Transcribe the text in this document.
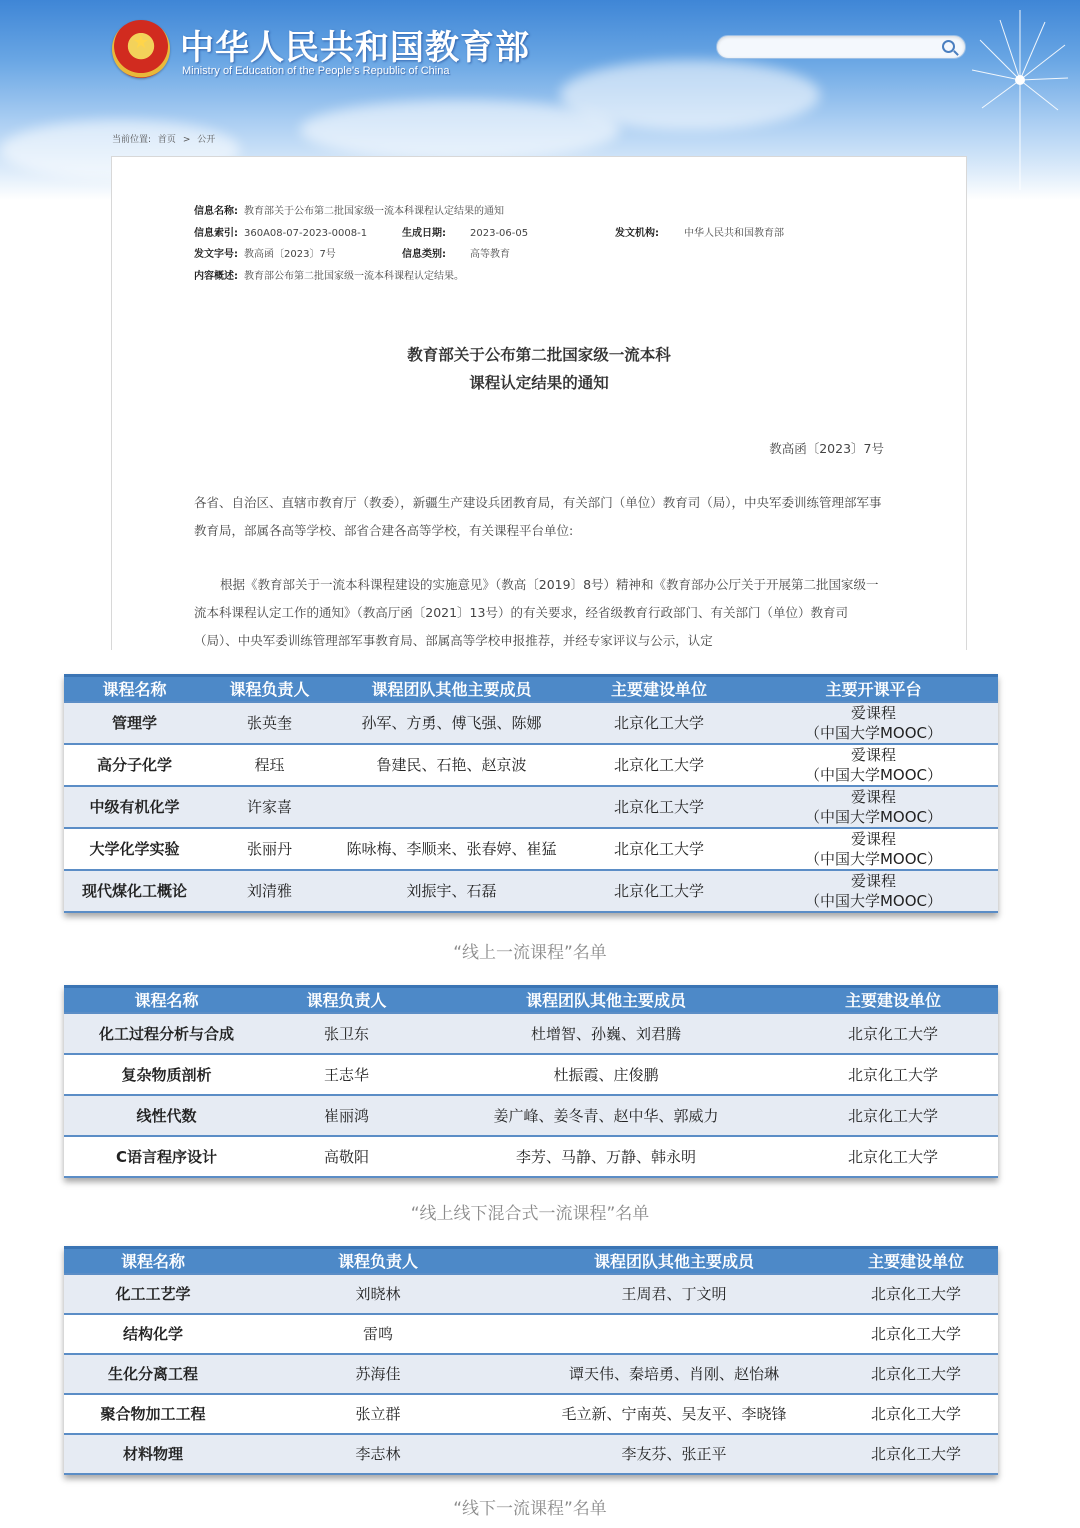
★
中华人民共和国教育部
Ministry of Education of the People's Republic of China
当前位置: 首页 > 公开
信息名称: 教育部关于公布第二批国家级一流本科课程认定结果的通知
信息索引: 360A08-07-2023-0008-1	生成日期: 2023-06-05	发文机构:	中华人民共和国教育部
发文字号: 教高函〔2023〕7号	信息类别: 高等教育
内容概述: 教育部公布第二批国家级一流本科课程认定结果。
教育部关于公布第二批国家级一流本科
课程认定结果的通知
教高函〔2023〕7号
各省、自治区、直辖市教育厅（教委），新疆生产建设兵团教育局，有关部门（单位）教育司（局），中央军委训练管理部军事教育局，部属各高等学校、部省合建各高等学校，有关课程平台单位:
根据《教育部关于一流本科课程建设的实施意见》（教高〔2019〕8号）精神和《教育部办公厅关于开展第二批国家级一流本科课程认定工作的通知》（教高厅函〔2021〕13号）的有关要求，经省级教育行政部门、有关部门（单位）教育司（局）、中央军委训练管理部军事教育局、部属高等学校申报推荐，并经专家评议与公示，认定
课程名称	课程负责人	课程团队其他主要成员	主要建设单位	主要开课平台
管理学	张英奎	孙军、方勇、傅飞强、陈娜	北京化工大学	爱课程
（中国大学MOOC）

高分子化学	程珏	鲁建民、石艳、赵京波	北京化工大学	爱课程
（中国大学MOOC）

中级有机化学	许家喜		北京化工大学	爱课程
（中国大学MOOC）

大学化学实验	张丽丹	陈咏梅、李顺来、张春婷、崔猛	北京化工大学	爱课程
（中国大学MOOC）

现代煤化工概论	刘清雅	刘振宇、石磊	北京化工大学	爱课程
（中国大学MOOC）
“线上一流课程”名单
课程名称	课程负责人	课程团队其他主要成员	主要建设单位
化工过程分析与合成	张卫东	杜增智、孙巍、刘君腾	北京化工大学
复杂物质剖析	王志华	杜振霞、庄俊鹏	北京化工大学
线性代数	崔丽鸿	姜广峰、姜冬青、赵中华、郭威力	北京化工大学
C语言程序设计	高敬阳	李芳、马静、万静、韩永明	北京化工大学
“线上线下混合式一流课程”名单
课程名称	课程负责人	课程团队其他主要成员	主要建设单位
化工工艺学	刘晓林	王周君、丁文明	北京化工大学
结构化学	雷鸣		北京化工大学
生化分离工程	苏海佳	谭天伟、秦培勇、肖刚、赵怡琳	北京化工大学
聚合物加工工程	张立群	毛立新、宁南英、吴友平、李晓锋	北京化工大学
材料物理	李志林	李友芬、张正平	北京化工大学
“线下一流课程”名单
